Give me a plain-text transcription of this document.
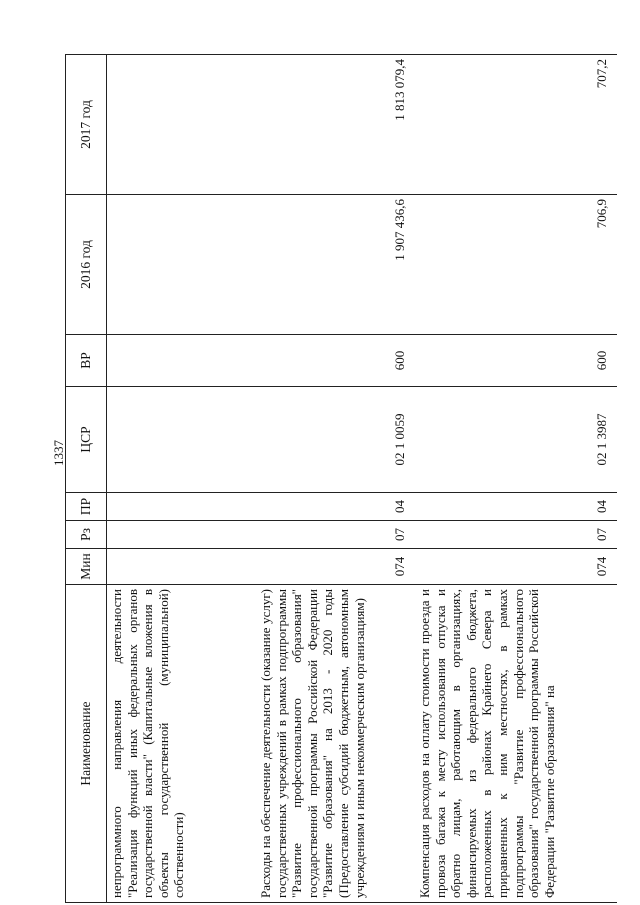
1337
Наименование	Мин	Рз	ПР	ЦСР	ВР	2016 год	2017 год
непрограммного направления деятельности "Реализация функций иных федеральных органов государственной власти" (Капитальные вложения в объекты государственной (муниципальной) собственности)							
Расходы на обеспечение деятельности (оказание услуг) государственных учреждений в рамках подпрограммы "Развитие профессионального образования" государственной программы Российской Федерации "Развитие образования" на 2013 - 2020 годы (Предоставление субсидий бюджетным, автономным учреждениям и иным некоммерческим организациям)	074	07	04	02 1 0059	600	1 907 436,6	1 813 079,4
Компенсация расходов на оплату стоимости проезда и провоза багажа к месту использования отпуска и обратно лицам, работающим в организациях, финансируемых из федерального бюджета, расположенных в районах Крайнего Севера и приравненных к ним местностях, в рамках подпрограммы "Развитие профессионального образования" государственной программы Российской Федерации "Развитие образования" на	074	07	04	02 1 3987	600	706,9	707,2
